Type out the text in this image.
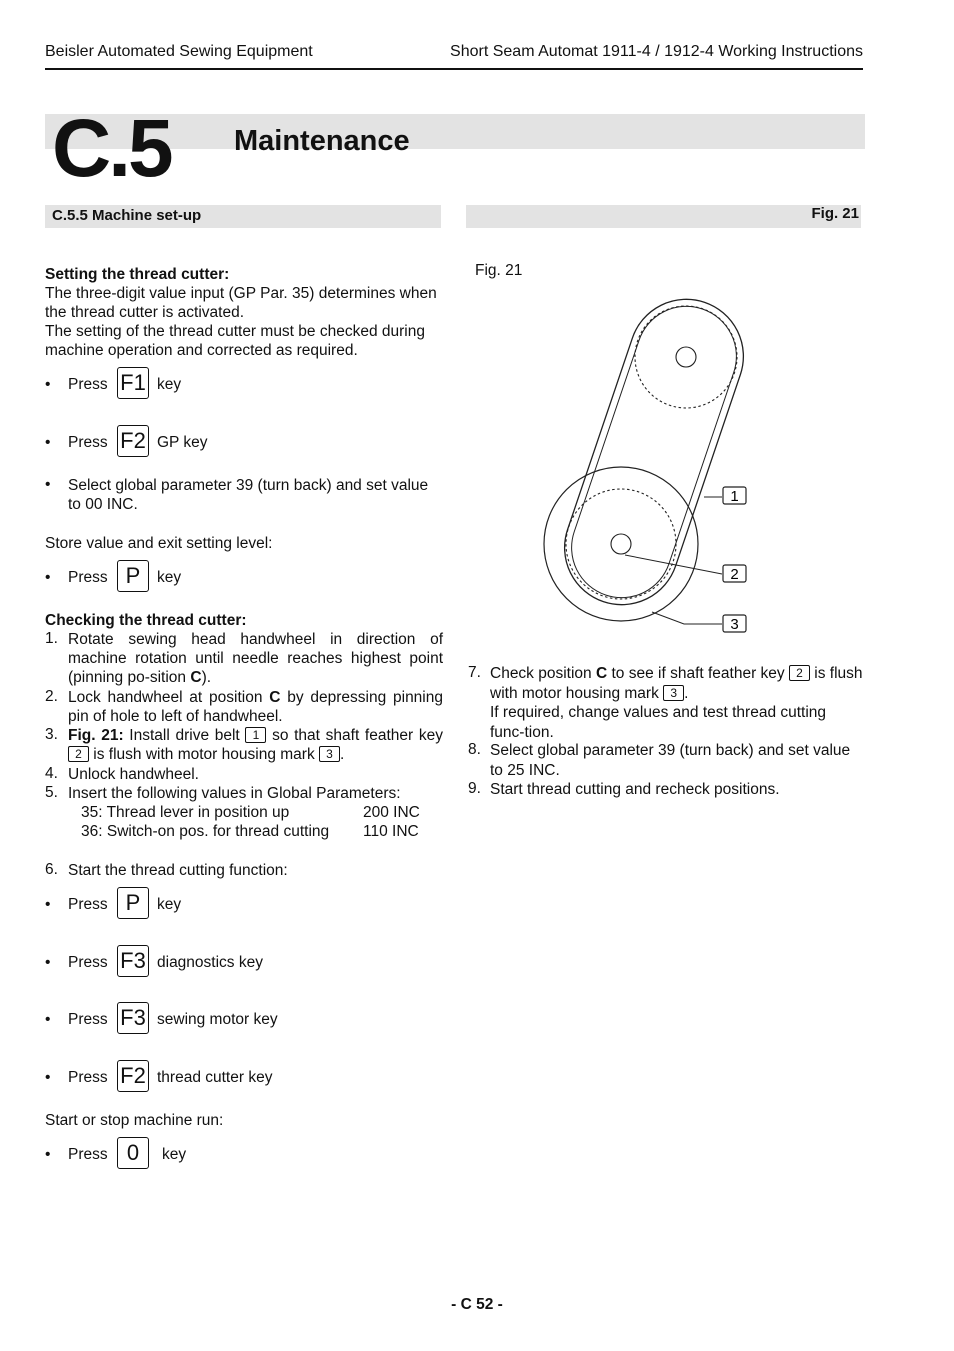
Beisler Automated Sewing Equipment	Short Seam Automat 1911-4 / 1912-4 Working Instructions
C.5 Maintenance
C.5.5 Machine set-up	Fig. 21

Setting the thread cutter:

The three-digit value input (GP Par. 35) determines when the thread cutter is activated.

The setting of the thread cutter must be checked during machine operation and corrected as required.

• Press F1 key
• Press F2 GP key
• Select global parameter 39 (turn back) and set value to 00 INC.

Store value and exit setting level:

• Press P	key

Checking the thread cutter:

1. Rotate sewing head handwheel in direction of machine rotation until needle reaches highest point (pinning po-sition C).
2. Lock handwheel at position C by depressing pinning pin of hole to left of handwheel.
3. Fig. 21: Install drive belt 1 so that shaft feather key 2 is flush with motor housing mark 3 .
4. Unlock handwheel.
5. Insert the following values in Global Parameters:
35: Thread lever in position up	200 INC
36: Switch-on pos. for thread cutting 110 INC
6. Start the thread cutting function:
• Press P	key
• Press F3 diagnostics key
• Press F3 sewing motor key
• Press F2 thread cutter key

Start or stop machine run:

• Press 0	key

Fig. 21

1
2
3
7. Check position C to see if shaft feather key 2 is flush with motor housing mark 3 .
If required, change values and test thread cutting func-tion.
8. Select global parameter 39 (turn back) and set value to 25 INC.
9. Start thread cutting and recheck positions.
- C 52 -
